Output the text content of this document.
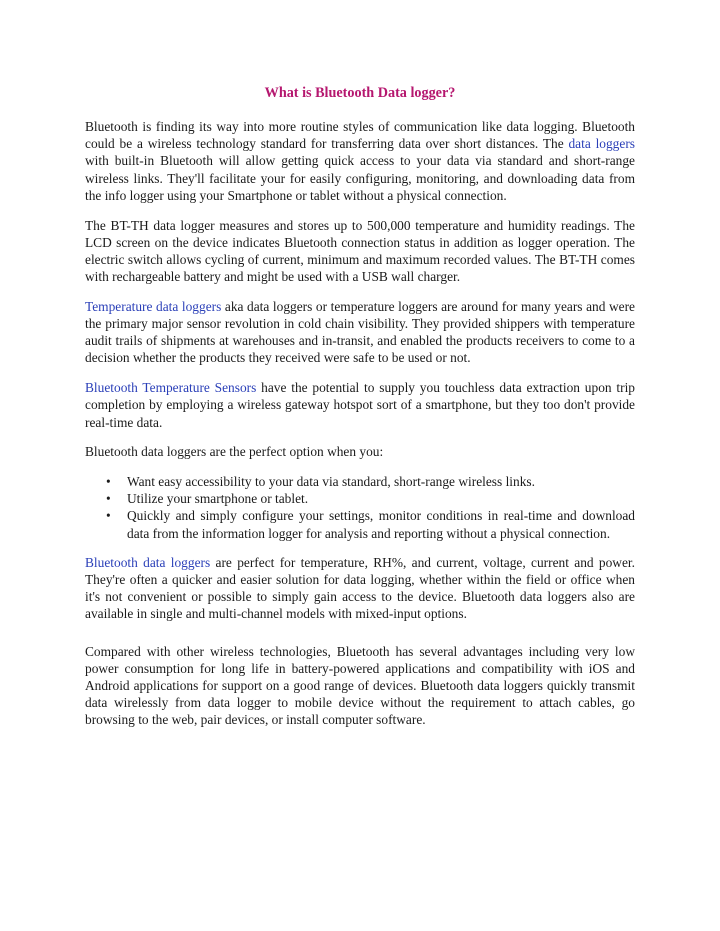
What is Bluetooth Data logger?

Bluetooth is finding its way into more routine styles of communication like data logging. Bluetooth could be a wireless technology standard for transferring data over short distances. The data loggers with built-in Bluetooth will allow getting quick access to your data via standard and short-range wireless links. They'll facilitate your for easily configuring, monitoring, and downloading data from the info logger using your Smartphone or tablet without a physical connection.

The BT-TH data logger measures and stores up to 500,000 temperature and humidity readings. The LCD screen on the device indicates Bluetooth connection status in addition as logger operation. The electric switch allows cycling of current, minimum and maximum recorded values. The BT-TH comes with rechargeable battery and might be used with a USB wall charger.

Temperature data loggers aka data loggers or temperature loggers are around for many years and were the primary major sensor revolution in cold chain visibility. They provided shippers with temperature audit trails of shipments at warehouses and in-transit, and enabled the products receivers to come to a decision whether the products they received were safe to be used or not.

Bluetooth Temperature Sensors have the potential to supply you touchless data extraction upon trip completion by employing a wireless gateway hotspot sort of a smartphone, but they too don't provide real-time data.

Bluetooth data loggers are the perfect option when you:

• Want easy accessibility to your data via standard, short-range wireless links.
• Utilize your smartphone or tablet.
• Quickly and simply configure your settings, monitor conditions in real-time and download data from the information logger for analysis and reporting without a physical connection.

Bluetooth data loggers are perfect for temperature, RH%, and current, voltage, current and power. They're often a quicker and easier solution for data logging, whether within the field or office when it's not convenient or possible to simply gain access to the device. Bluetooth data loggers also are available in single and multi-channel models with mixed-input options.

Compared with other wireless technologies, Bluetooth has several advantages including very low power consumption for long life in battery-powered applications and compatibility with iOS and Android applications for support on a good range of devices. Bluetooth data loggers quickly transmit data wirelessly from data logger to mobile device without the requirement to attach cables, go browsing to the web, pair devices, or install computer software.
